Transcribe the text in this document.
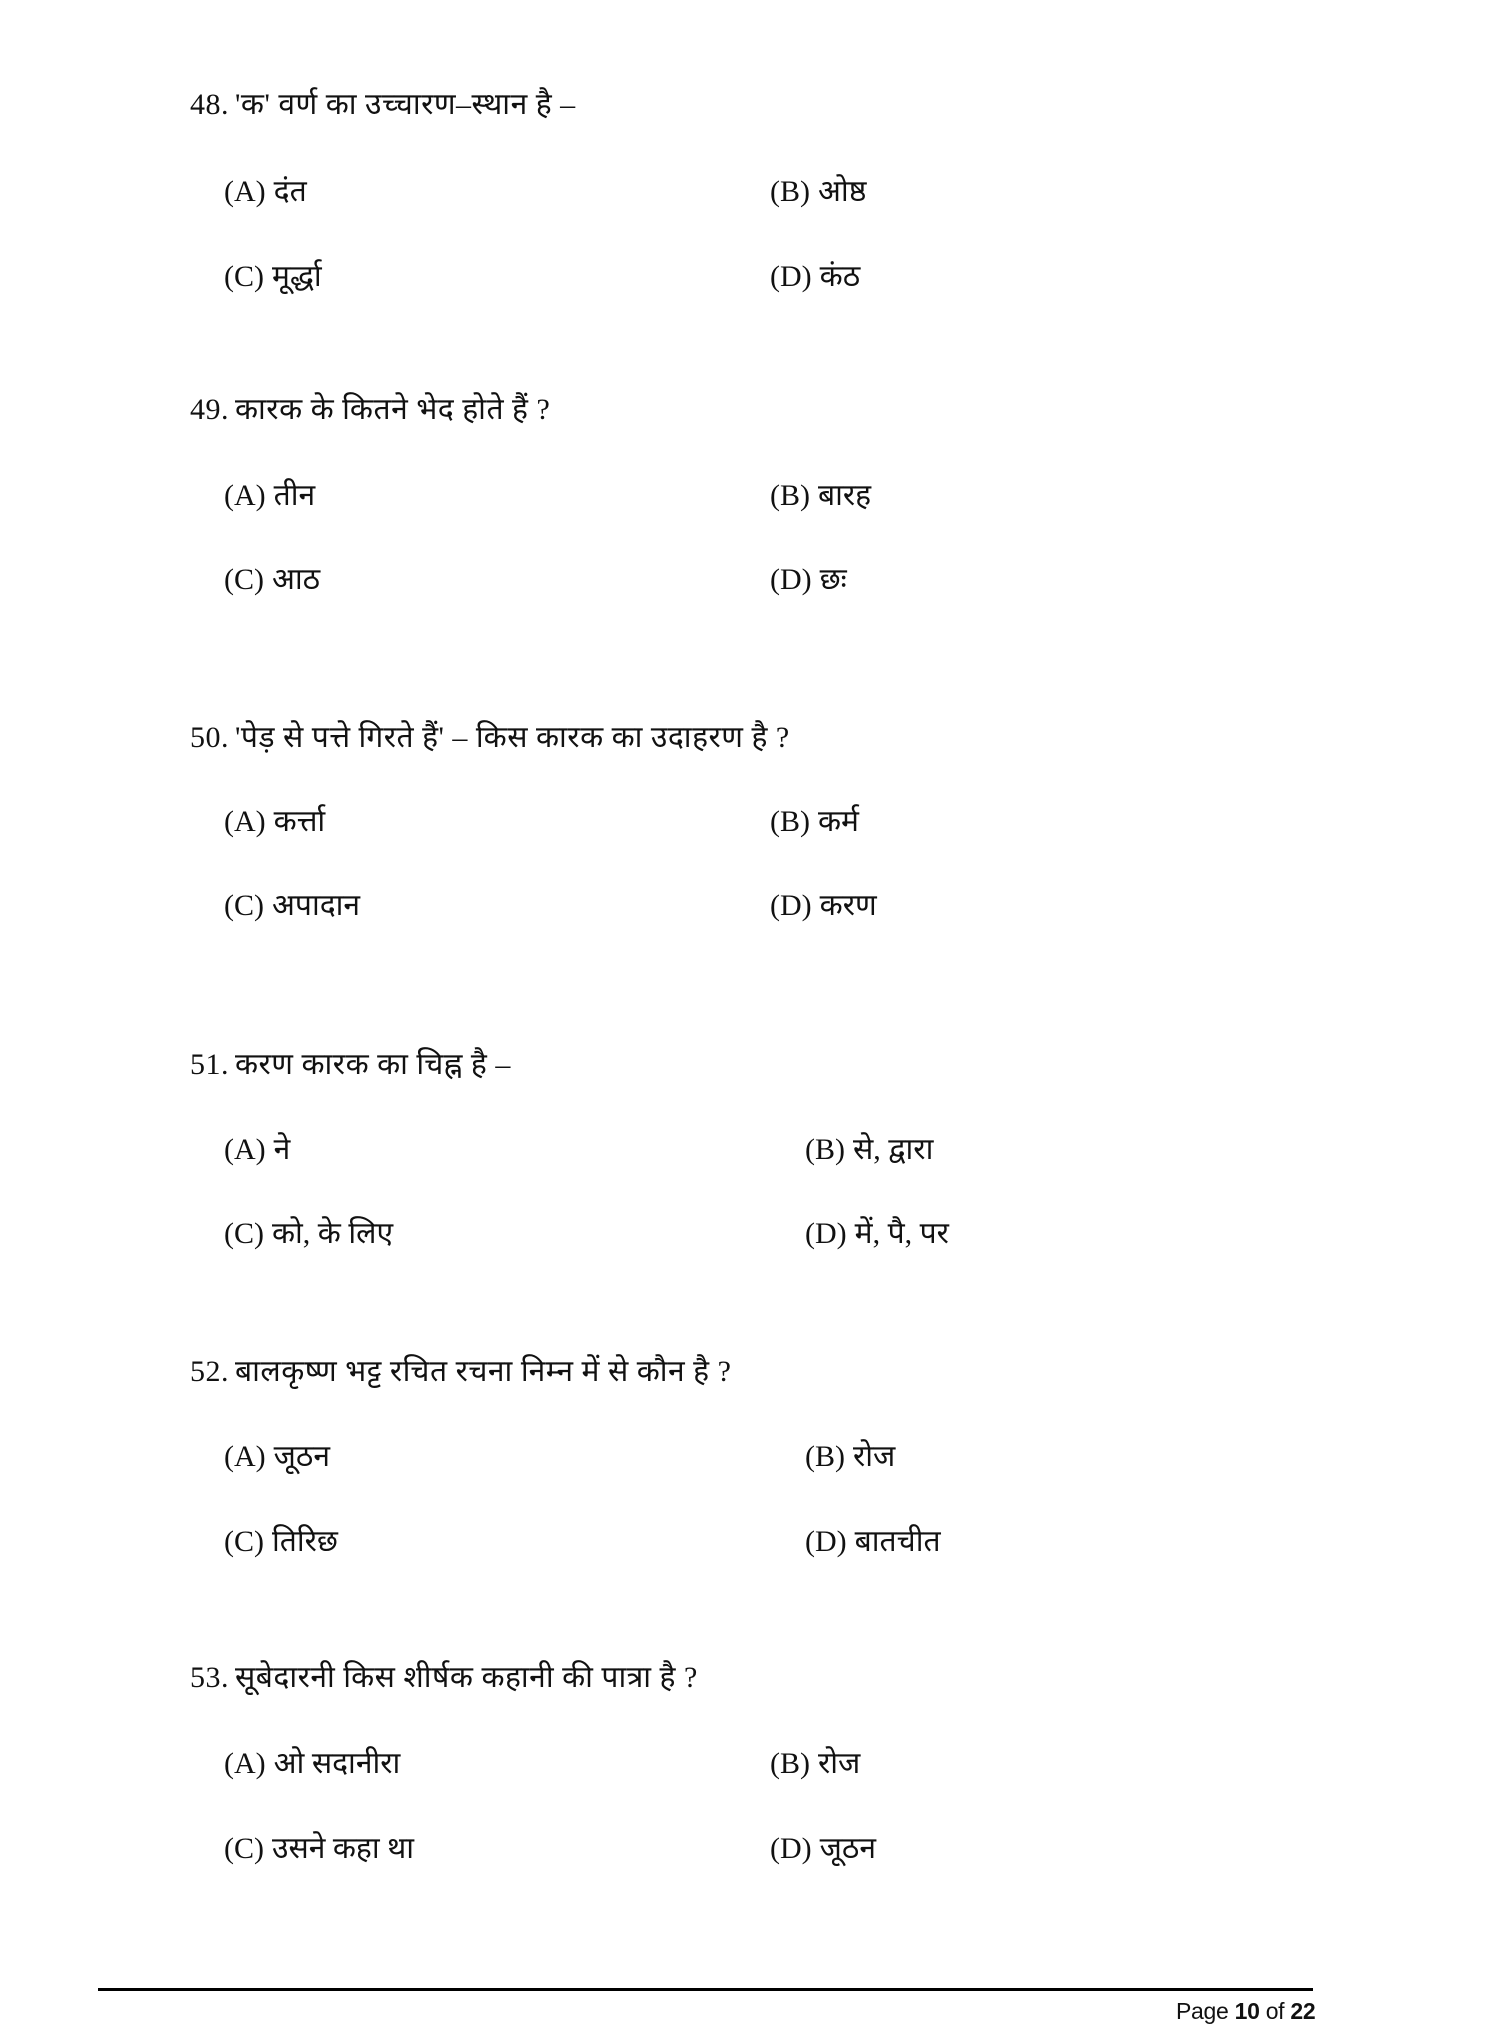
48. 'क' वर्ण का उच्चारण–स्थान है –
(A) दंत	(B) ओष्ठ
(C) मूर्द्धा	(D) कंठ
49. कारक के कितने भेद होते हैं ?
(A) तीन	(B) बारह
(C) आठ	(D) छः
50. 'पेड़ से पत्ते गिरते हैं' – किस कारक का उदाहरण है ?
(A) कर्त्ता	(B) कर्म
(C) अपादान	(D) करण
51. करण कारक का चिह्न है –
(A) ने	(B) से, द्वारा
(C) को, के लिए	(D) में, पै, पर
52. बालकृष्ण भट्ट रचित रचना निम्न में से कौन है ?
(A) जूठन	(B) रोज
(C) तिरिछ	(D) बातचीत
53. सूबेदारनी किस शीर्षक कहानी की पात्रा है ?
(A) ओ सदानीरा	(B) रोज
(C) उसने कहा था	(D) जूठन
Page 10 of 22
